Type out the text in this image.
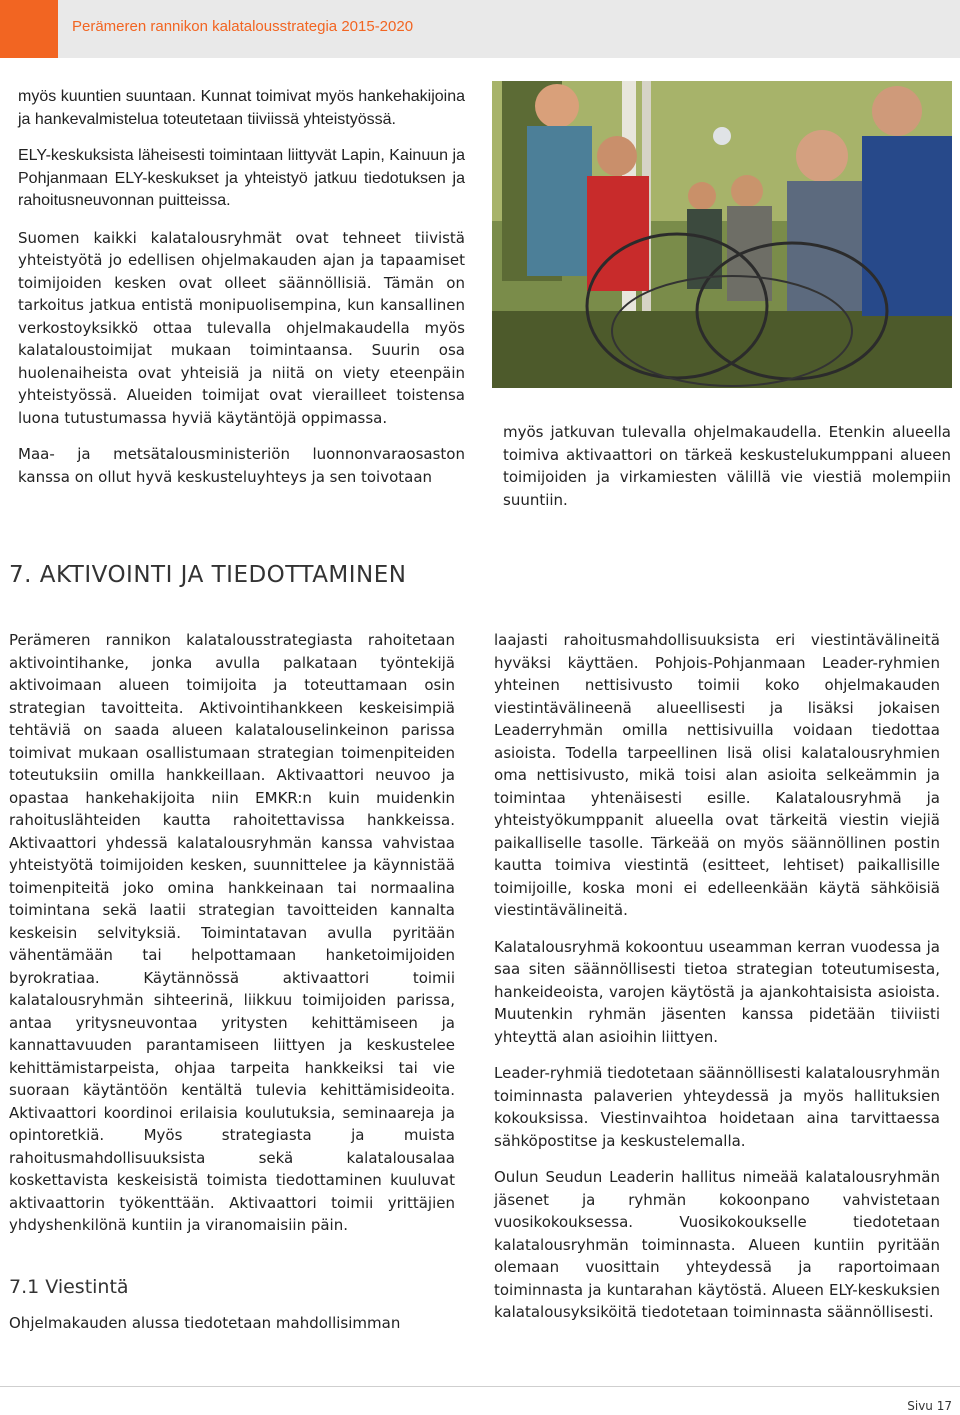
Perämeren rannikon kalatalousstrategia 2015-2020

myös kuuntien suuntaan. Kunnat toimivat myös hankehakijoina ja hankevalmistelua toteutetaan tiiviissä yhteistyössä.

ELY-keskuksista läheisesti toimintaan liittyvät Lapin, Kainuun ja Pohjanmaan ELY-keskukset ja yhteistyö jatkuu tiedotuksen ja rahoitusneuvonnan puitteissa.

Suomen kaikki kalatalousryhmät ovat tehneet tiivistä yhteistyötä jo edellisen ohjelmakauden ajan ja tapaamiset toimijoiden kesken ovat olleet säännöllisiä. Tämän on tarkoitus jatkua entistä monipuolisempina, kun kansallinen verkostoyksikkö ottaa tulevalla ohjelmakaudella myös kalataloustoimijat mukaan toimintaansa. Suurin osa huolenaiheista ovat yhteisiä ja niitä on viety eteenpäin yhteistyössä. Alueiden toimijat ovat vierailleet toistensa luona tutustumassa hyviä käytäntöjä oppimassa.

Maa- ja metsätalousministeriön luonnonvaraosaston kanssa on ollut hyvä keskusteluyhteys ja sen toivotaan

myös jatkuvan tulevalla ohjelmakaudella. Etenkin alueella toimiva aktivaattori on tärkeä keskustelukumppani alueen toimijoiden ja virkamiesten välillä vie viestiä molempiin suuntiin.

7. AKTIVOINTI JA TIEDOTTAMINEN

Perämeren rannikon kalatalousstrategiasta rahoitetaan aktivointihanke, jonka avulla palkataan työntekijä aktivoimaan alueen toimijoita ja toteuttamaan osin strategian tavoitteita. Aktivointihankkeen keskeisimpiä tehtäviä on saada alueen kalatalouselinkeinon parissa toimivat mukaan osallistumaan strategian toimenpiteiden toteutuksiin omilla hankkeillaan. Aktivaattori neuvoo ja opastaa hankehakijoita niin EMKR:n kuin muidenkin rahoituslähteiden kautta rahoitettavissa hankkeissa. Aktivaattori yhdessä kalatalousryhmän kanssa vahvistaa yhteistyötä toimijoiden kesken, suunnittelee ja käynnistää toimenpiteitä joko omina hankkeinaan tai normaalina toimintana sekä laatii strategian tavoitteiden kannalta keskeisin selvityksiä. Toimintatavan avulla pyritään vähentämään tai helpottamaan hanketoimijoiden byrokratiaa. Käytännössä aktivaattori toimii kalatalousryhmän sihteerinä, liikkuu toimijoiden parissa, antaa yritysneuvontaa yritysten kehittämiseen ja kannattavuuden parantamiseen liittyen ja keskustelee kehittämistarpeista, ohjaa tarpeita hankkeiksi tai vie suoraan käytäntöön kentältä tulevia kehittämisideoita. Aktivaattori koordinoi erilaisia koulutuksia, seminaareja ja opintoretkiä. Myös strategiasta ja muista rahoitusmahdollisuuksista sekä kalatalousalaa koskettavista keskeisistä toimista tiedottaminen kuuluvat aktivaattorin työkenttään. Aktivaattori toimii yrittäjien yhdyshenkilönä kuntiin ja viranomaisiin päin.

7.1 Viestintä

Ohjelmakauden alussa tiedotetaan mahdollisimman

laajasti rahoitusmahdollisuuksista eri viestintävälineitä hyväksi käyttäen. Pohjois-Pohjanmaan Leader-ryhmien yhteinen nettisivusto toimii koko ohjelmakauden viestintävälineenä alueellisesti ja lisäksi jokaisen Leaderryhmän omilla nettisivuilla voidaan tiedottaa asioista. Todella tarpeellinen lisä olisi kalatalousryhmien oma nettisivusto, mikä toisi alan asioita selkeämmin ja toimintaa yhtenäisesti esille. Kalatalousryhmä ja yhteistyökumppanit alueella ovat tärkeitä viestin viejiä paikalliselle tasolle. Tärkeää on myös säännöllinen postin kautta toimiva viestintä (esitteet, lehtiset) paikallisille toimijoille, koska moni ei edelleenkään käytä sähköisiä viestintävälineitä.

Kalatalousryhmä kokoontuu useamman kerran vuodessa ja saa siten säännöllisesti tietoa strategian toteutumisesta, hankeideoista, varojen käytöstä ja ajankohtaisista asioista. Muutenkin ryhmän jäsenten kanssa pidetään tiiviisti yhteyttä alan asioihin liittyen.

Leader-ryhmiä tiedotetaan säännöllisesti kalatalousryhmän toiminnasta palaverien yhteydessä ja myös hallituksien kokouksissa. Viestinvaihtoa hoidetaan aina tarvittaessa sähköpostitse ja keskustelemalla.

Oulun Seudun Leaderin hallitus nimeää kalatalousryhmän jäsenet ja ryhmän kokoonpano vahvistetaan vuosikokouksessa. Vuosikokoukselle tiedotetaan kalatalousryhmän toiminnasta. Alueen kuntiin pyritään olemaan vuosittain yhteydessä ja raportoimaan toiminnasta ja kuntarahan käytöstä. Alueen ELY-keskuksien kalatalousyksiköitä tiedotetaan toiminnasta säännöllisesti.

Sivu 17
